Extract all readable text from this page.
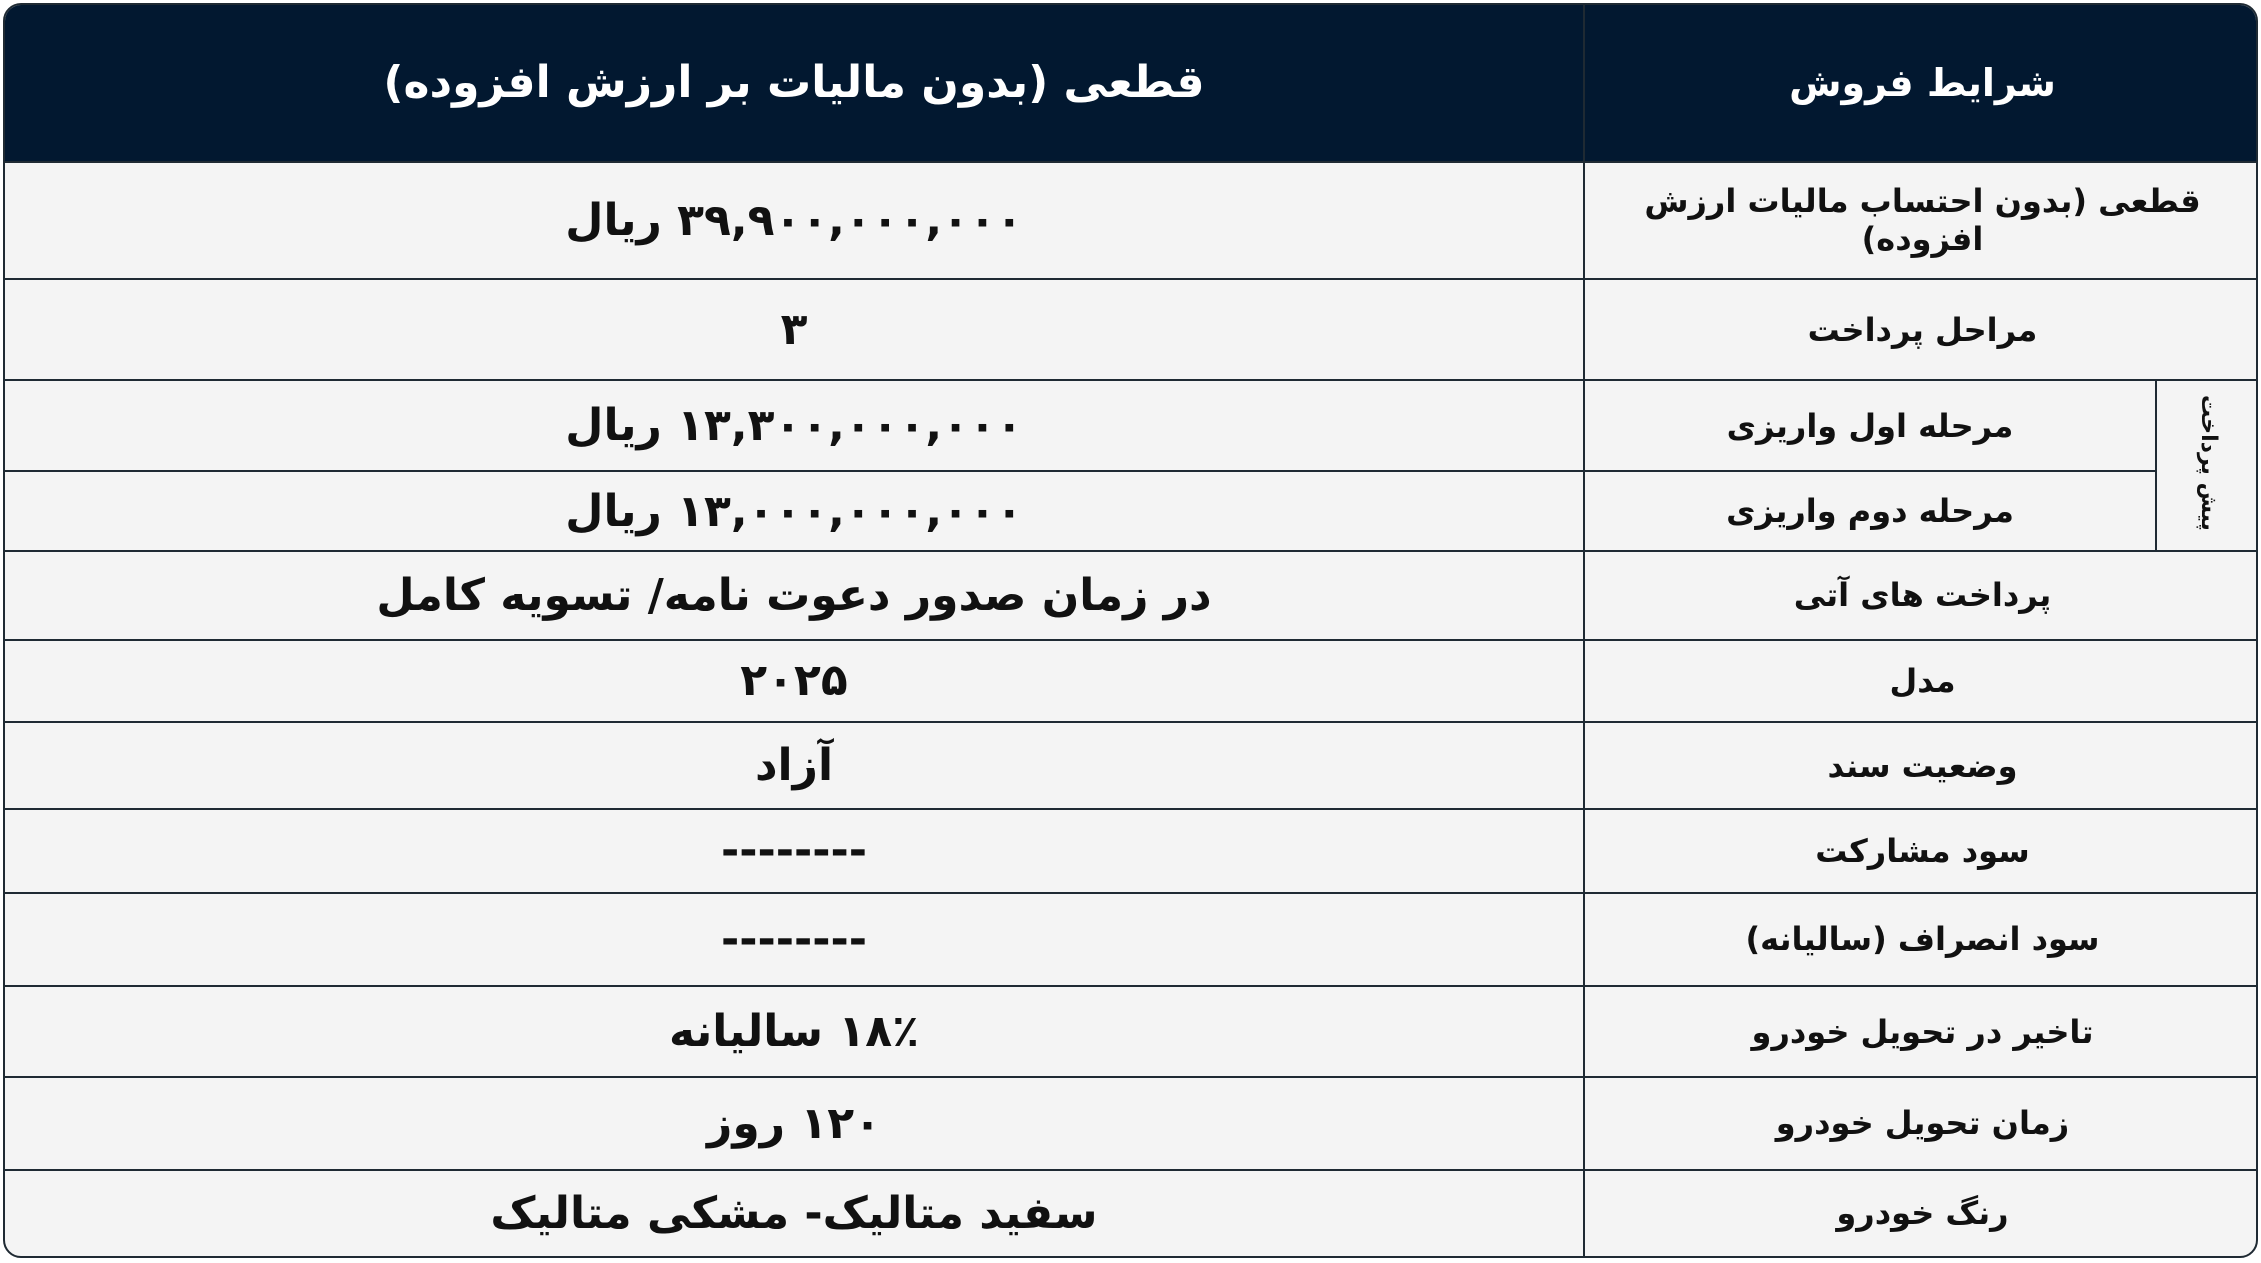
شرایط فروش		قطعی (بدون مالیات بر ارزش افزوده)
قطعی (بدون احتساب مالیات ارزش افزوده)		۳۹,۹۰۰,۰۰۰,۰۰۰ ریال
مراحل پرداخت		۳
پیش پرداخت	مرحله اول واریزی	۱۳,۳۰۰,۰۰۰,۰۰۰ ریال
	مرحله دوم واریزی	۱۳,۰۰۰,۰۰۰,۰۰۰ ریال
پرداخت های آتی		در زمان صدور دعوت نامه/ تسویه کامل
مدل		۲۰۲۵
وضعیت سند		آزاد
سود مشارکت		--------
سود انصراف (سالیانه)		--------
تاخیر در تحویل خودرو		۱۸٪ سالیانه
زمان تحویل خودرو		۱۲۰ روز
رنگ خودرو		سفید متالیک- مشکی متالیک
